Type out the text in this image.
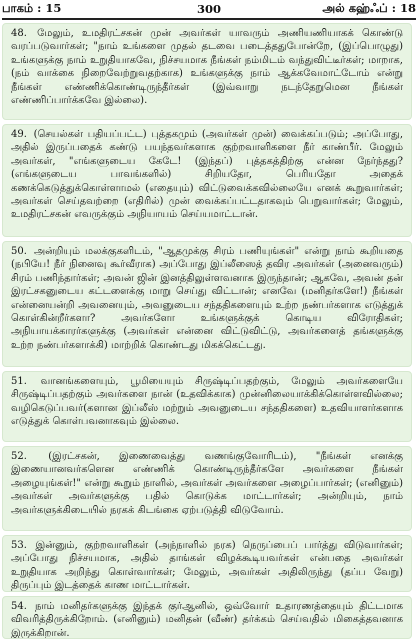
பாகம் : 15	300	அல் கஹ்ஃப் : 18
48. மேலும், உமதிரட்சகன் முன் அவர்கள் யாவரும் அணியணியாகக் கொண்டு வரப்படுவார்கள்; "நாம் உங்களை முதல் தடவை படைத்ததுபோன்றே, (இப்பொழுது) உங்களுக்கு நாம் உறுதியாகவே, நிச்சயமாக நீங்கள் நம்மிடம் வந்துவிட்டீர்கள்; மாறாக, (நம் வாக்கை நிறைவேற்றுவதற்காக) உங்களுக்கு நாம் ஆக்கவேமாட்டோம் என்று நீங்கள் எண்ணிக்கொண்டிருந்தீர்கள் (இவ்வாறு நடந்தேறுமென நீங்கள் எண்ணிப்பார்க்கவே இல்லை).
49. (செயல்கள் பதியப்பட்ட) புத்தகமும் (அவர்கள் முன்) வைக்கப்படும்; அப்போது, அதில் இருப்பதைக் கண்டு பயந்தவர்களாக குற்றவாளிகளை நீர் காண்பீர். மேலும் அவர்கள், "எங்களுடைய கேடே! (இந்தப்) புத்தகத்திற்கு என்ன நேர்ந்தது? (எங்களுடைய பாவங்களில்) சிறியதோ, பெரியதோ அதைக் கணக்கெடுத்துக்கொள்ளாமல் (எதையும்) விட்டுவைக்கவில்லையே எனக் கூறுவார்கள்; அவர்கள் செய்தவற்றை (எதிரில்) முன் வைக்கப்பட்டதாகவும் பெறுவார்கள்; மேலும், உமதிரட்சகன் எவருக்கும் அநியாயம் செய்யமாட்டான்.
50. அன்றியும் மலக்குகளிடம், "ஆதமுக்கு சிரம் பணியுங்கள்" என்று நாம் கூறியதை (நபியே! நீர் நினைவு கூர்வீராக) அப்போது இப்லீஸைத் தவிர அவர்கள் (அனைவரும்) சிரம் பணிந்தார்கள்; அவன் ஜின் இனத்திலுள்ளவனாக இருந்தான்; ஆகவே, அவன் தன் இரட்சகனுடைய கட்டளைக்கு மாறு செய்து விட்டான்; எனவே (மனிதர்களே!) நீங்கள் என்னையன்றி அவனையும், அவனுடைய சந்ததிகளையும் உற்ற நண்பர்களாக எடுத்துக் கொள்கின்றீர்களா? அவர்களோ உங்களுக்குக் கொடிய விரோதிகள்; அநியாயக்காரர்களுக்கு (அவர்கள் என்னை விட்டுவிட்டு, அவர்களைத் தங்களுக்கு உற்ற நண்பர்களாக்கி) மாற்றிக் கொண்டது மிகக்கெட்டது.
51. வானங்களையும், பூமியையும் சிருஷ்டிப்பதற்கும், மேலும் அவர்களையே சிருஷ்டிப்பதற்கும் அவர்களை நான் (உதவிக்காக) முன்னிலையாக்கிக்கொள்ளவில்லை; வழிகெடுப்பவர்(களான இப்லீஸ் மற்றும் அவனுடைய சந்ததிகளை) உதவியாளர்களாக எடுத்துக் கொள்பவனாகவும் இல்லை.
52. (இரட்சகன், இணைவைத்து வணங்குவோரிடம்), "நீங்கள் எனக்கு இணையானவர்களென எண்ணிக் கொண்டிருந்தீர்களே அவர்களை நீங்கள் அழையுங்கள்!" என்று கூறும் நாளில், அவர்கள் அவர்களை அழைப்பார்கள்; (எனினும்) அவர்கள் அவர்களுக்கு பதில் கொடுக்க மாட்டார்கள்; அன்றியும், நாம் அவர்களுக்கிடையில் நரகக் கிடங்கை ஏற்படுத்தி விடுவோம்.
53. இன்னும், குற்றவாளிகள் (அந்நாளில் நரக) நெருப்பைப் பார்த்து விடுவார்கள்; அப்போது நிச்சயமாக, அதில் தாங்கள் விழக்கூடியவர்கள் என்பதை அவர்கள் உறுதியாக அறிந்து கொள்வார்கள்; மேலும், அவர்கள் அதிலிருந்து (தப்ப வேறு) திருப்பும் இடத்தைக் காண மாட்டார்கள்.
54. நாம் மனிதர்களுக்கு இந்தக் குர்ஆனில், ஒவ்வோர் உதாரணத்தையும் திட்டமாக விவரித்திருக்கிறோம். (எனினும்) மனிதன் (வீண்) தர்க்கம் செய்வதில் மிகைத்தவனாக இருக்கிறான்.
